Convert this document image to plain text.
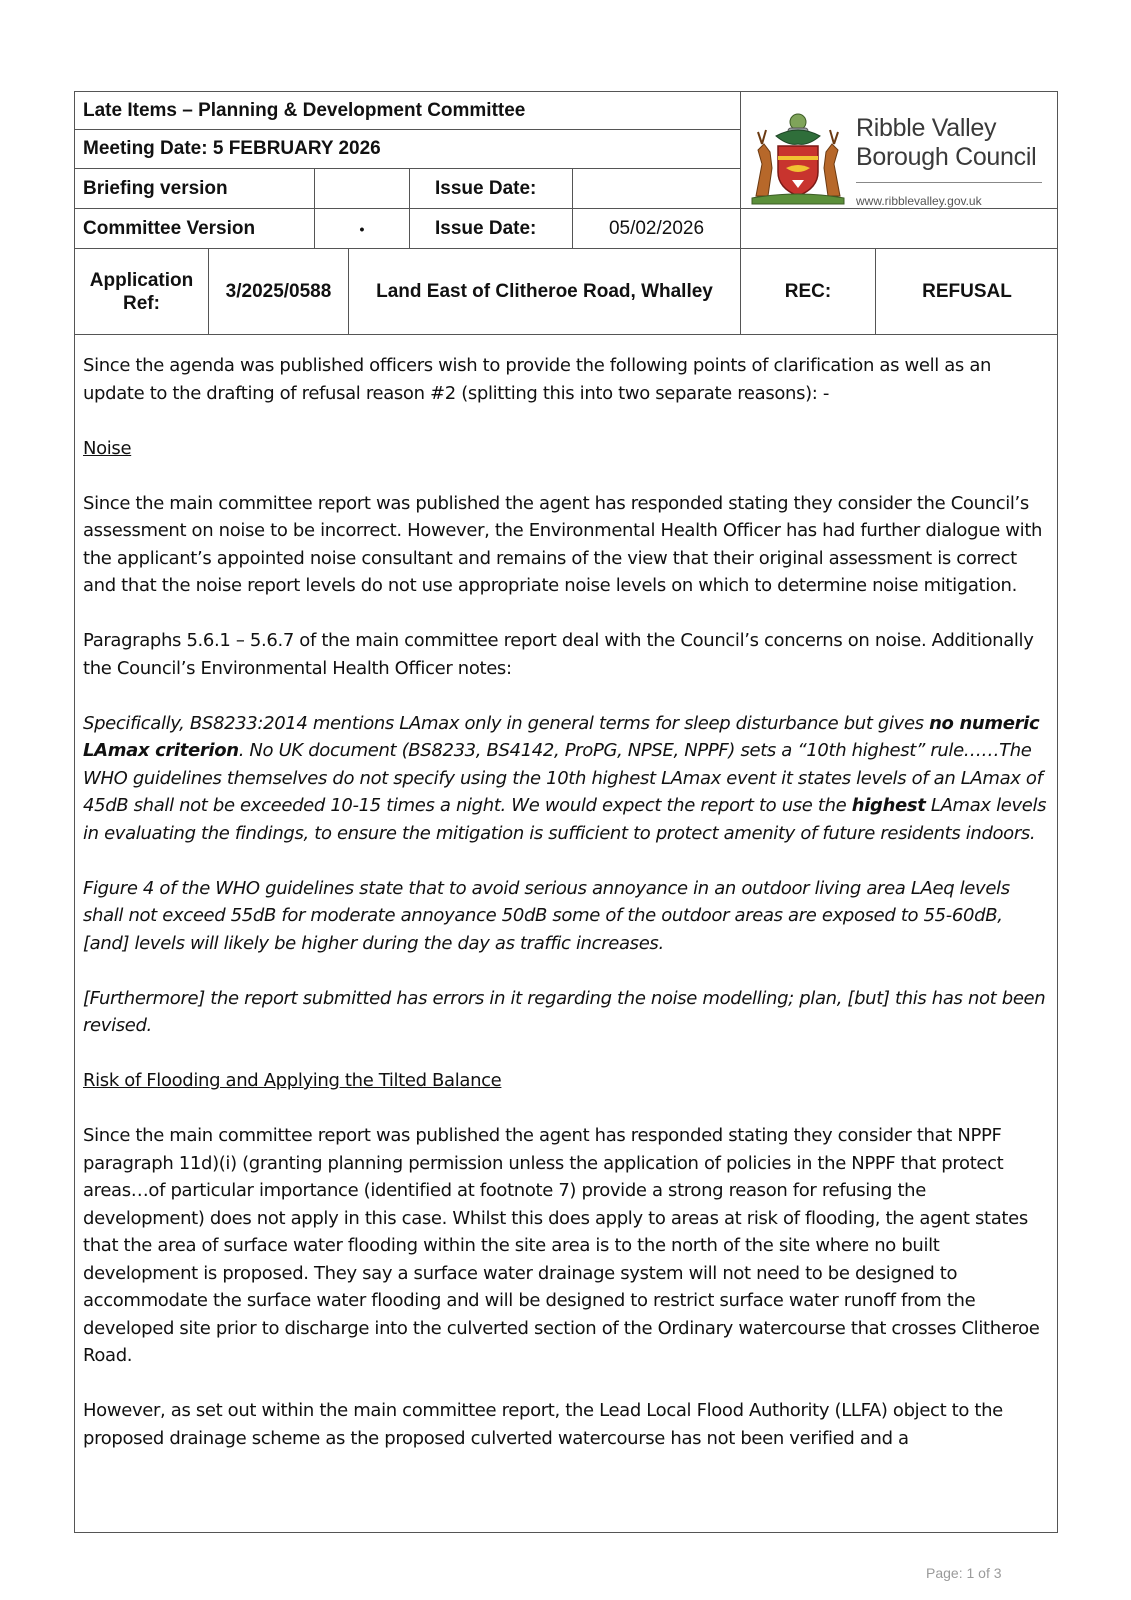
Late Items – Planning & Development Committee
Meeting Date: 5 FEBRUARY 2026
Briefing version	Issue Date:
Committee Version	•	Issue Date:	05/02/2026
Application
Ref:
3/2025/0588 Land East of Clitheroe Road, Whalley	REC:	REFUSAL
Ribble Valley
Borough Council
www.ribblevalley.gov.uk

Since the agenda was published officers wish to provide the following points of clarification as well as an update to the drafting of refusal reason #2 (splitting this into two separate reasons): -

Noise

Since the main committee report was published the agent has responded stating they consider the Council’s assessment on noise to be incorrect. However, the Environmental Health Officer has had further dialogue with the applicant’s appointed noise consultant and remains of the view that their original assessment is correct and that the noise report levels do not use appropriate noise levels on which to determine noise mitigation.

Paragraphs 5.6.1 – 5.6.7 of the main committee report deal with the Council’s concerns on noise. Additionally the Council’s Environmental Health Officer notes:

Specifically, BS8233:2014 mentions LAmax only in general terms for sleep disturbance but gives no numeric LAmax criterion. No UK document (BS8233, BS4142, ProPG, NPSE, NPPF) sets a “10th highest” rule……The WHO guidelines themselves do not specify using the 10th highest LAmax event it states levels of an LAmax of 45dB shall not be exceeded 10-15 times a night. We would expect the report to use the highest LAmax levels in evaluating the findings, to ensure the mitigation is sufficient to protect amenity of future residents indoors.

Figure 4 of the WHO guidelines state that to avoid serious annoyance in an outdoor living area LAeq levels shall not exceed 55dB for moderate annoyance 50dB some of the outdoor areas are exposed to 55-60dB, [and] levels will likely be higher during the day as traffic increases.

[Furthermore] the report submitted has errors in it regarding the noise modelling; plan, [but] this has not been revised.

Risk of Flooding and Applying the Tilted Balance

Since the main committee report was published the agent has responded stating they consider that NPPF paragraph 11d)(i) (granting planning permission unless the application of policies in the NPPF that protect areas…of particular importance (identified at footnote 7) provide a strong reason for refusing the development) does not apply in this case. Whilst this does apply to areas at risk of flooding, the agent states that the area of surface water flooding within the site area is to the north of the site where no built development is proposed. They say a surface water drainage system will not need to be designed to accommodate the surface water flooding and will be designed to restrict surface water runoff from the developed site prior to discharge into the culverted section of the Ordinary watercourse that crosses Clitheroe Road.

However, as set out within the main committee report, the Lead Local Flood Authority (LLFA) object to the proposed drainage scheme as the proposed culverted watercourse has not been verified and a

Page: 1 of 3
